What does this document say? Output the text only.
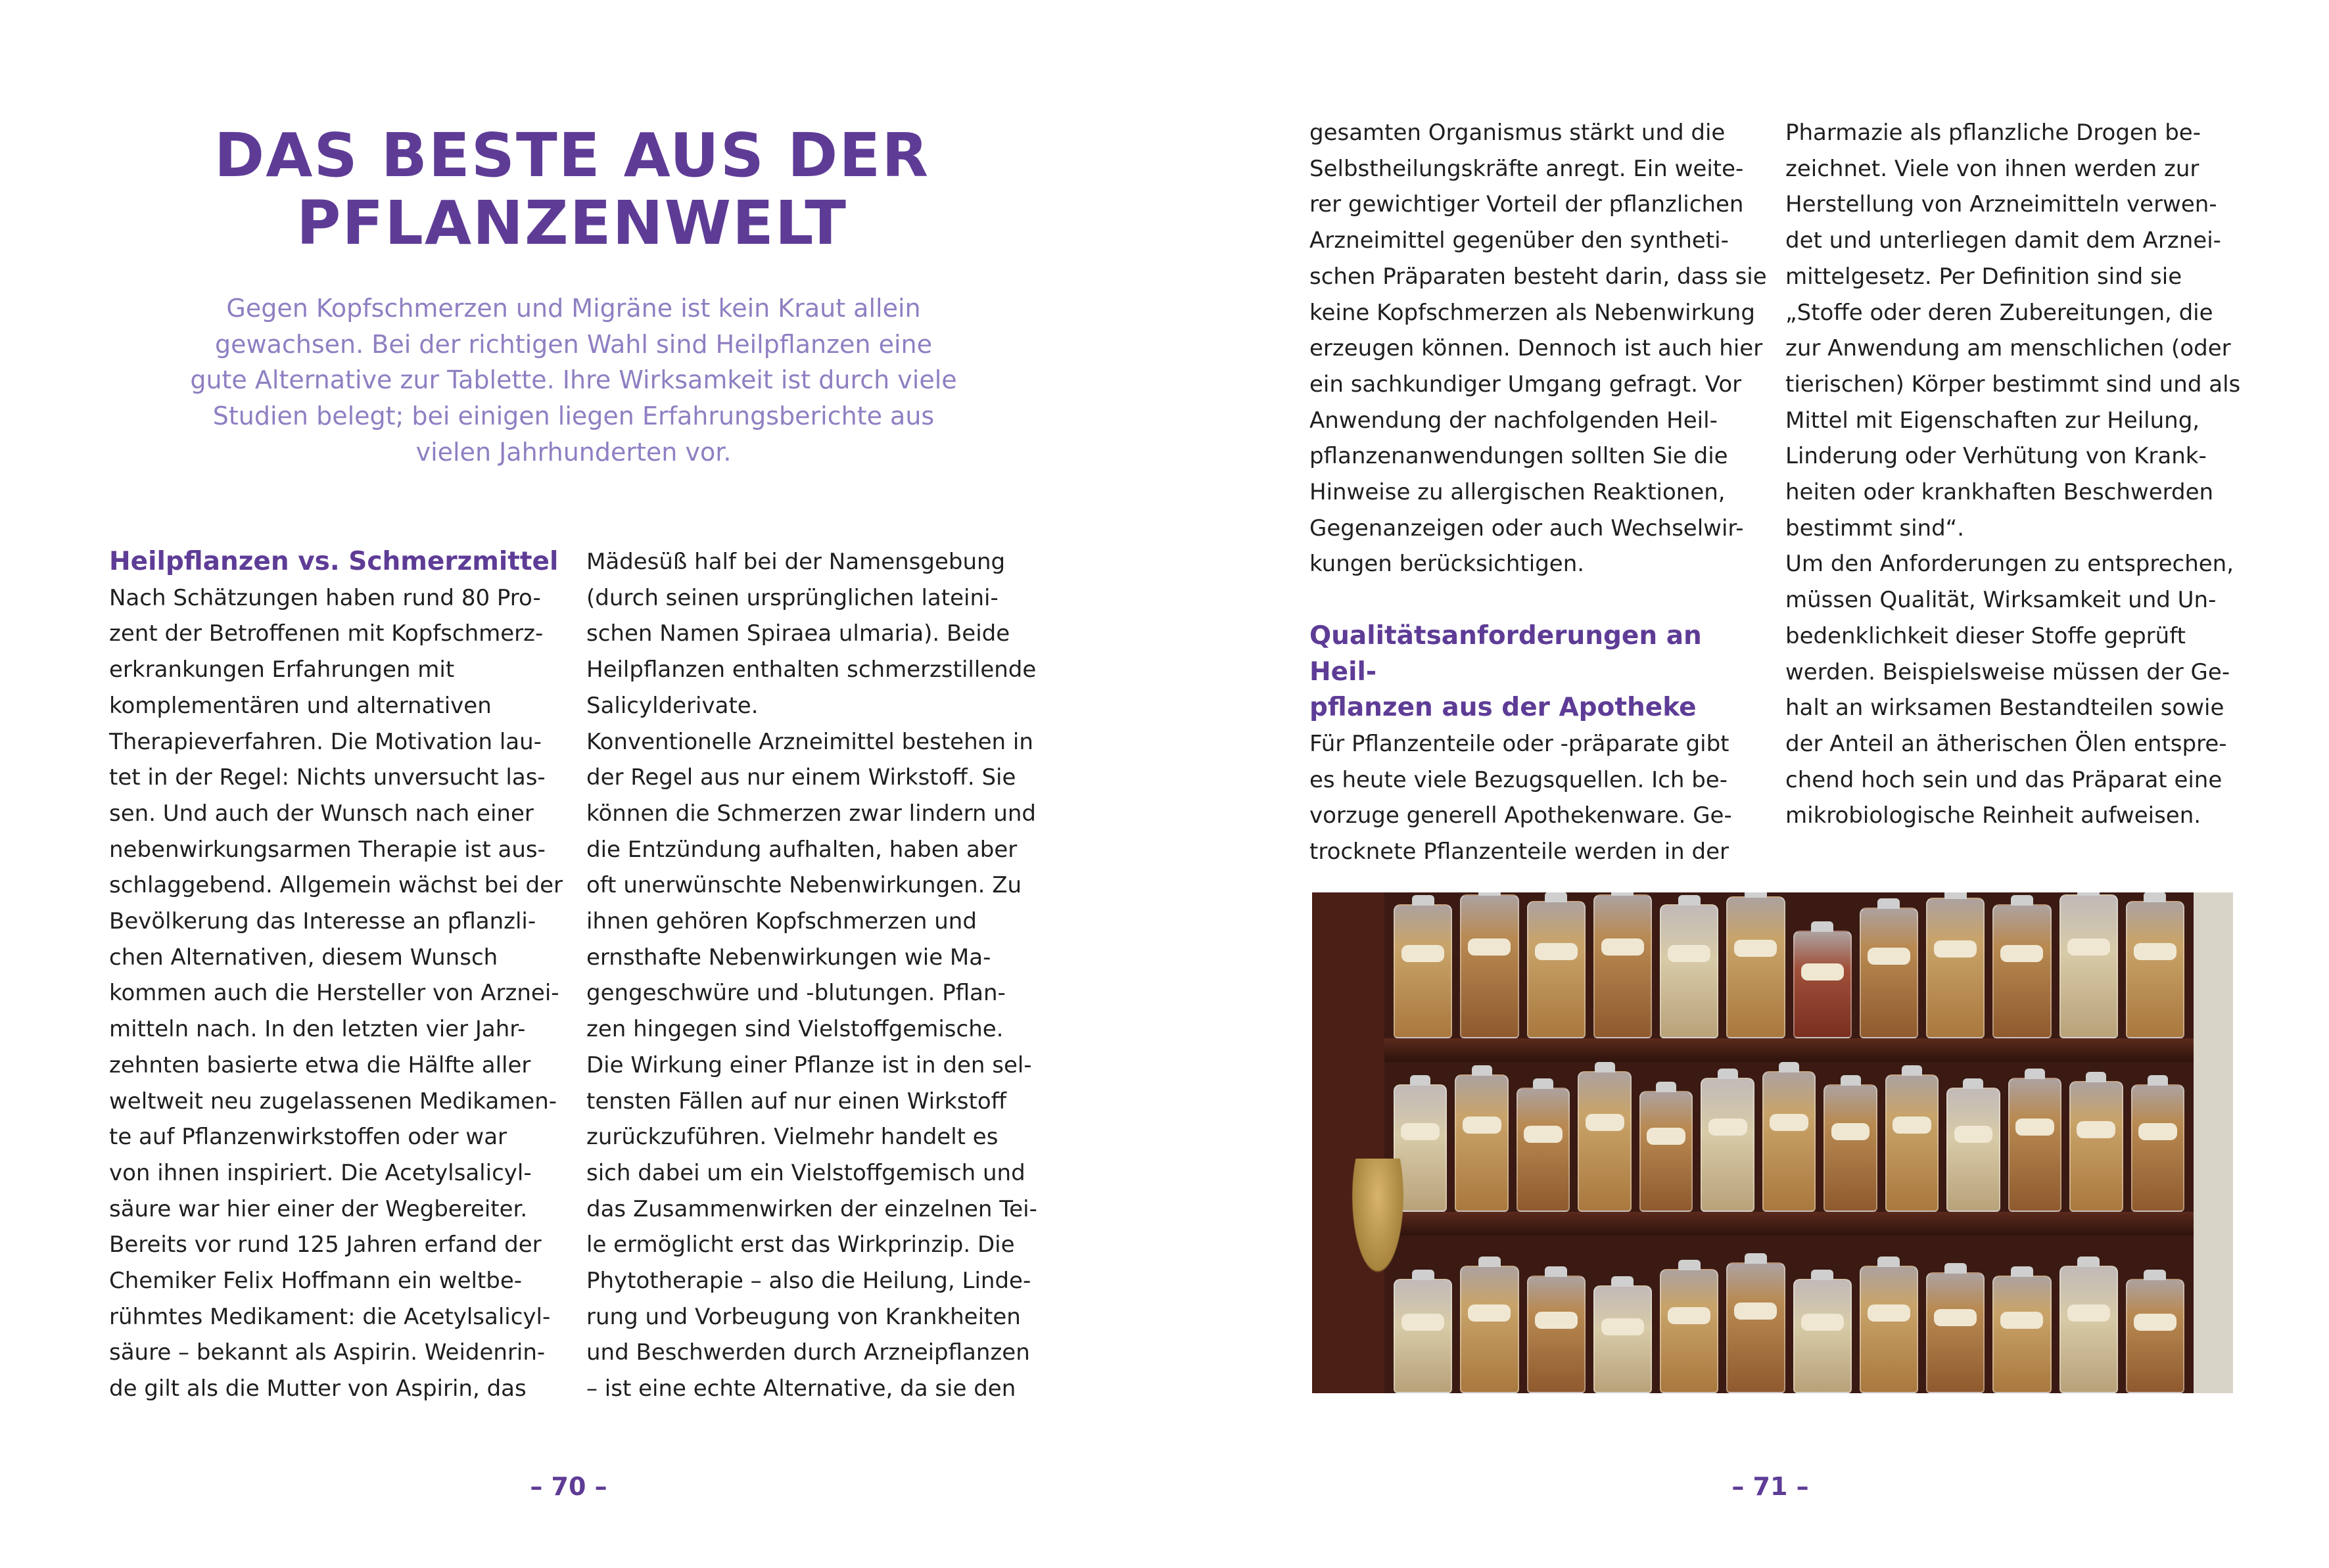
DAS BESTE AUS DER
PFLANZENWELT
Gegen Kopfschmerzen und Migräne ist kein Kraut allein
gewachsen. Bei der richtigen Wahl sind Heilpflanzen eine
gute Alternative zur Tablette. Ihre Wirksamkeit ist durch viele
Studien belegt; bei einigen liegen Erfahrungsberichte aus
vielen Jahrhunderten vor.

Heilpflanzen vs. Schmerzmittel

Nach Schätzungen haben rund 80 Pro-

zent der Betroffenen mit Kopfschmerz-

erkrankungen Erfahrungen mit

komplementären und alternativen

Therapieverfahren. Die Motivation lau-

tet in der Regel: Nichts unversucht las-

sen. Und auch der Wunsch nach einer

nebenwirkungsarmen Therapie ist aus-

schlaggebend. Allgemein wächst bei der

Bevölkerung das Interesse an pflanzli-

chen Alternativen, diesem Wunsch

kommen auch die Hersteller von Arznei-

mitteln nach. In den letzten vier Jahr-

zehnten basierte etwa die Hälfte aller

weltweit neu zugelassenen Medikamen-

te auf Pflanzenwirkstoffen oder war

von ihnen inspiriert. Die Acetylsalicyl-

säure war hier einer der Wegbereiter.

Bereits vor rund 125 Jahren erfand der

Chemiker Felix Hoffmann ein weltbe-

rühmtes Medikament: die Acetylsalicyl-

säure – bekannt als Aspirin. Weidenrin-

de gilt als die Mutter von Aspirin, das

Mädesüß half bei der Namensgebung

(durch seinen ursprünglichen lateini-

schen Namen Spiraea ulmaria). Beide

Heilpflanzen enthalten schmerzstillende

Salicylderivate.

Konventionelle Arzneimittel bestehen in

der Regel aus nur einem Wirkstoff. Sie

können die Schmerzen zwar lindern und

die Entzündung aufhalten, haben aber

oft unerwünschte Nebenwirkungen. Zu

ihnen gehören Kopfschmerzen und

ernsthafte Nebenwirkungen wie Ma-

gengeschwüre und -blutungen. Pflan-

zen hingegen sind Vielstoffgemische.

Die Wirkung einer Pflanze ist in den sel-

tensten Fällen auf nur einen Wirkstoff

zurückzuführen. Vielmehr handelt es

sich dabei um ein Vielstoffgemisch und

das Zusammenwirken der einzelnen Tei-

le ermöglicht erst das Wirkprinzip. Die

Phytotherapie – also die Heilung, Linde-

rung und Vorbeugung von Krankheiten

und Beschwerden durch Arzneipflanzen

– ist eine echte Alternative, da sie den

– 70 –

gesamten Organismus stärkt und die

Selbstheilungskräfte anregt. Ein weite-

rer gewichtiger Vorteil der pflanzlichen

Arzneimittel gegenüber den syntheti-

schen Präparaten besteht darin, dass sie

keine Kopfschmerzen als Nebenwirkung

erzeugen können. Dennoch ist auch hier

ein sachkundiger Umgang gefragt. Vor

Anwendung der nachfolgenden Heil-

pflanzenanwendungen sollten Sie die

Hinweise zu allergischen Reaktionen,

Gegenanzeigen oder auch Wechselwir-

kungen berücksichtigen.

Qualitätsanforderungen an Heil-

pflanzen aus der Apotheke

Für Pflanzenteile oder -präparate gibt

es heute viele Bezugsquellen. Ich be-

vorzuge generell Apothekenware. Ge-

trocknete Pflanzenteile werden in der

Pharmazie als pflanzliche Drogen be-

zeichnet. Viele von ihnen werden zur

Herstellung von Arzneimitteln verwen-

det und unterliegen damit dem Arznei-

mittelgesetz. Per Definition sind sie

„Stoffe oder deren Zubereitungen, die

zur Anwendung am menschlichen (oder

tierischen) Körper bestimmt sind und als

Mittel mit Eigenschaften zur Heilung,

Linderung oder Verhütung von Krank-

heiten oder krankhaften Beschwerden

bestimmt sind“.

Um den Anforderungen zu entsprechen,

müssen Qualität, Wirksamkeit und Un-

bedenklichkeit dieser Stoffe geprüft

werden. Beispielsweise müssen der Ge-

halt an wirksamen Bestandteilen sowie

der Anteil an ätherischen Ölen entspre-

chend hoch sein und das Präparat eine

mikrobiologische Reinheit aufweisen.

– 71 –
